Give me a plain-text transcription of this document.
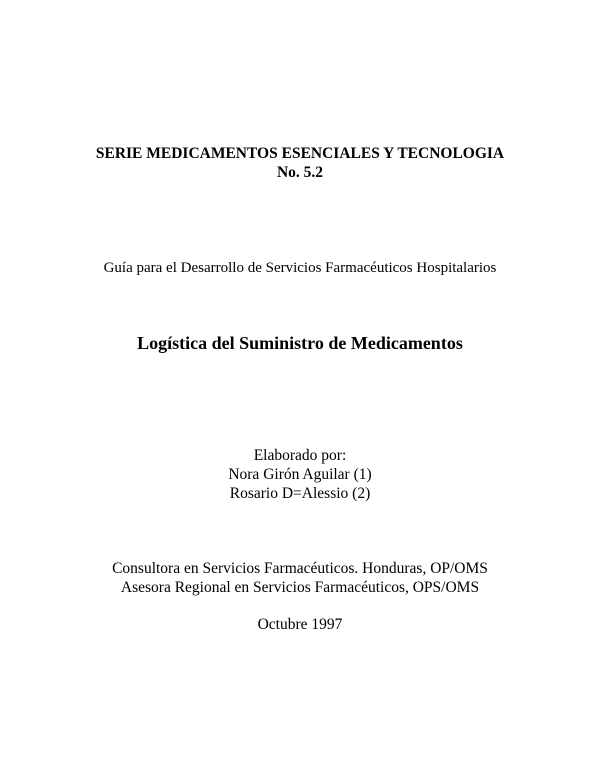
SERIE MEDICAMENTOS ESENCIALES Y TECNOLOGIA

No. 5.2

Guía para el Desarrollo de Servicios Farmacéuticos Hospitalarios

Logística del Suministro de Medicamentos

Elaborado por:

Nora Girón Aguilar (1)

Rosario D=Alessio (2)

Consultora en Servicios Farmacéuticos. Honduras, OP/OMS

Asesora Regional en Servicios Farmacéuticos, OPS/OMS

Octubre 1997
